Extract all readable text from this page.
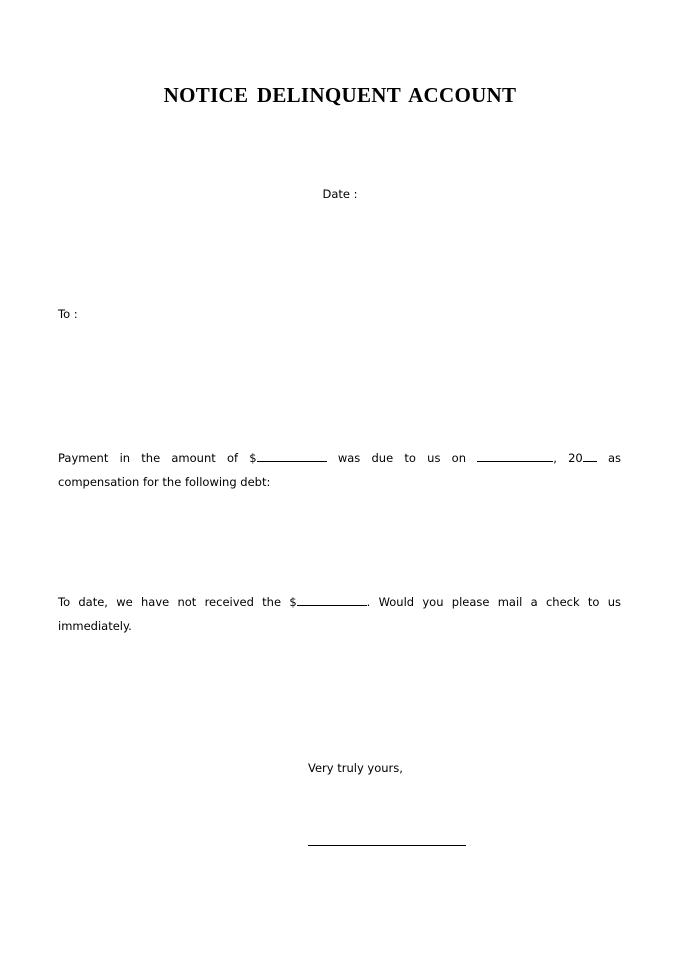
NOTICE DELINQUENT ACCOUNT
Date :
To :
Payment in the amount of $	was due to us on	, 20	as
compensation for the following debt:
To date, we have not received the $	. Would you please mail a check to us
immediately.
Very truly yours,
